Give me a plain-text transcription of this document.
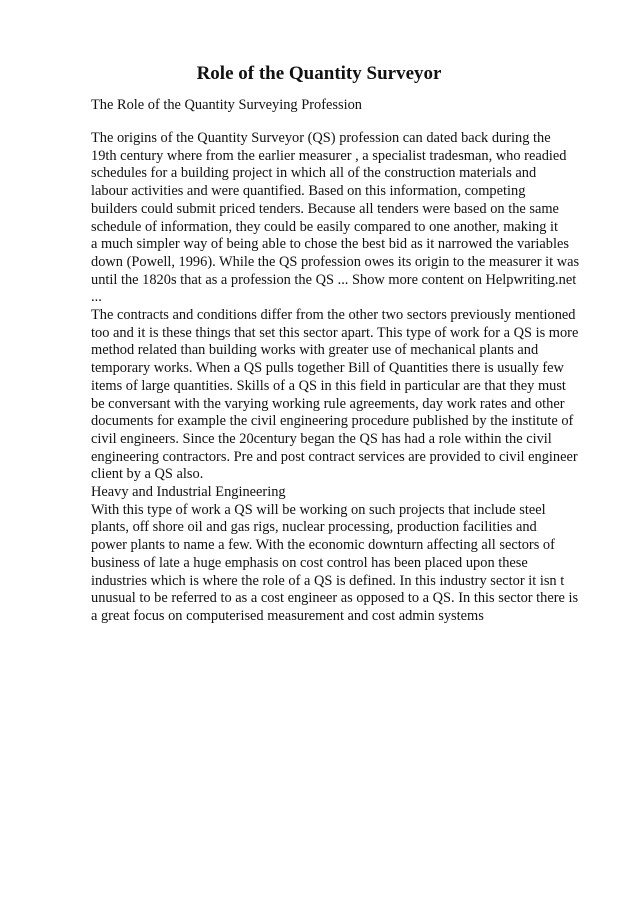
Role of the Quantity Surveyor

The Role of the Quantity Surveying Profession

The origins of the Quantity Surveyor (QS) profession can dated back during the
19th century where from the earlier measurer , a specialist tradesman, who readied
schedules for a building project in which all of the construction materials and
labour activities and were quantified. Based on this information, competing
builders could submit priced tenders. Because all tenders were based on the same
schedule of information, they could be easily compared to one another, making it
a much simpler way of being able to chose the best bid as it narrowed the variables
down (Powell, 1996). While the QS profession owes its origin to the measurer it was
until the 1820s that as a profession the QS ... Show more content on Helpwriting.net
...
The contracts and conditions differ from the other two sectors previously mentioned
too and it is these things that set this sector apart. This type of work for a QS is more
method related than building works with greater use of mechanical plants and
temporary works. When a QS pulls together Bill of Quantities there is usually few
items of large quantities. Skills of a QS in this field in particular are that they must
be conversant with the varying working rule agreements, day work rates and other
documents for example the civil engineering procedure published by the institute of
civil engineers. Since the 20century began the QS has had a role within the civil
engineering contractors. Pre and post contract services are provided to civil engineer
client by a QS also.
Heavy and Industrial Engineering
With this type of work a QS will be working on such projects that include steel
plants, off shore oil and gas rigs, nuclear processing, production facilities and
power plants to name a few. With the economic downturn affecting all sectors of
business of late a huge emphasis on cost control has been placed upon these
industries which is where the role of a QS is defined. In this industry sector it isn t
unusual to be referred to as a cost engineer as opposed to a QS. In this sector there is
a great focus on computerised measurement and cost admin systems
